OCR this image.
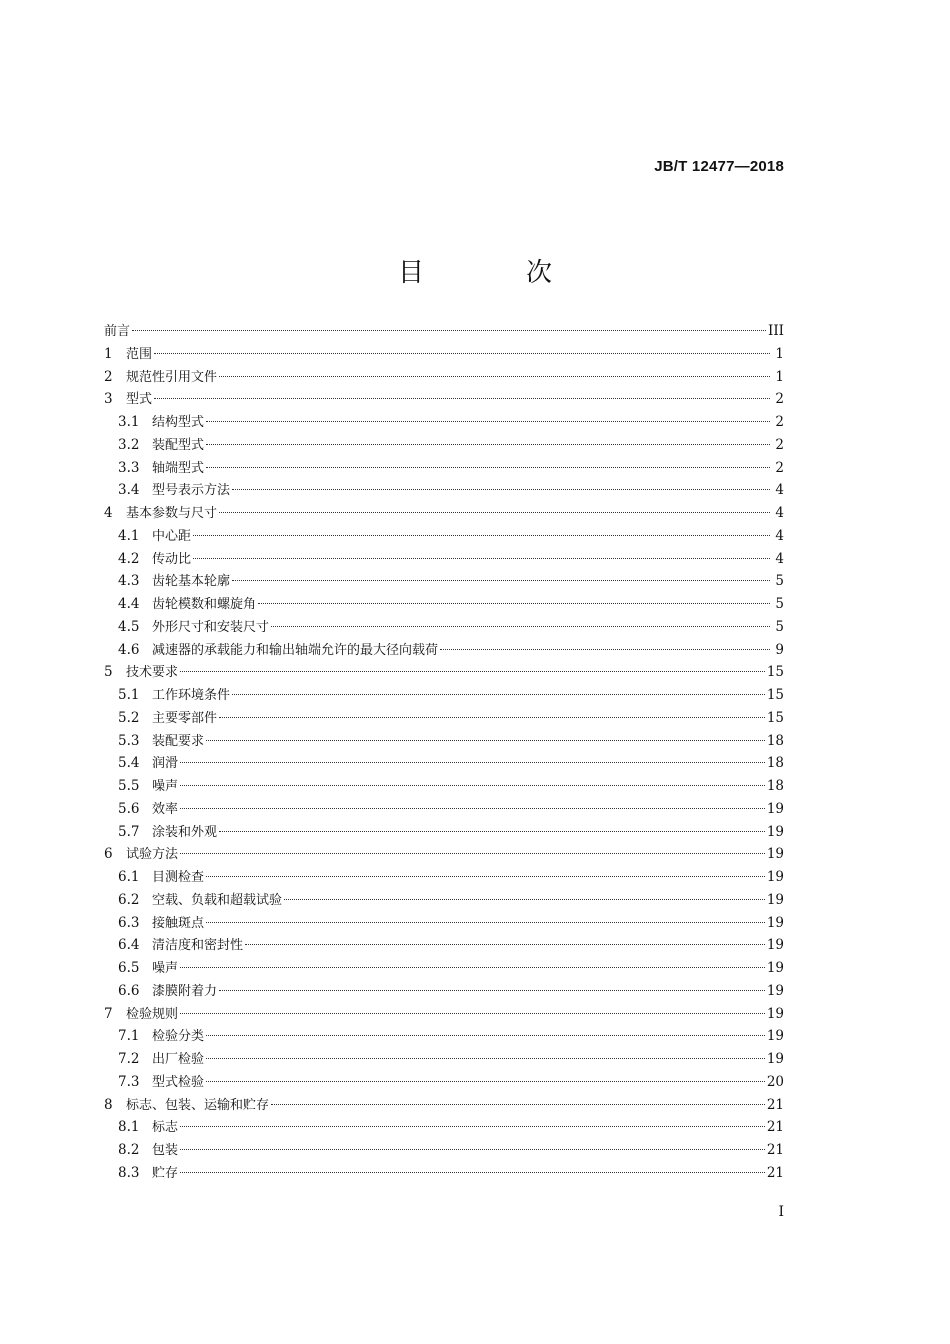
JB/T 12477—2018
目　次
前言	III
1	范围	1
2	规范性引用文件	1
3	型式	2
3.1 结构型式	2
3.2 装配型式	2
3.3 轴端型式	2
3.4 型号表示方法	4
4	基本参数与尺寸	4
4.1 中心距	4
4.2 传动比	4
4.3 齿轮基本轮廓	5
4.4 齿轮模数和螺旋角	5
4.5 外形尺寸和安装尺寸	5
4.6 减速器的承载能力和输出轴端允许的最大径向载荷	9
5	技术要求	15
5.1 工作环境条件	15
5.2 主要零部件	15
5.3 装配要求	18
5.4 润滑	18
5.5 噪声	18
5.6 效率	19
5.7 涂装和外观	19
6	试验方法	19
6.1 目测检查	19
6.2 空载、负载和超载试验	19
6.3 接触斑点	19
6.4 清洁度和密封性	19
6.5 噪声	19
6.6 漆膜附着力	19
7	检验规则	19
7.1 检验分类	19
7.2 出厂检验	19
7.3 型式检验	20
8	标志、包装、运输和贮存	21
8.1 标志	21
8.2 包装	21
8.3 贮存	21
I
